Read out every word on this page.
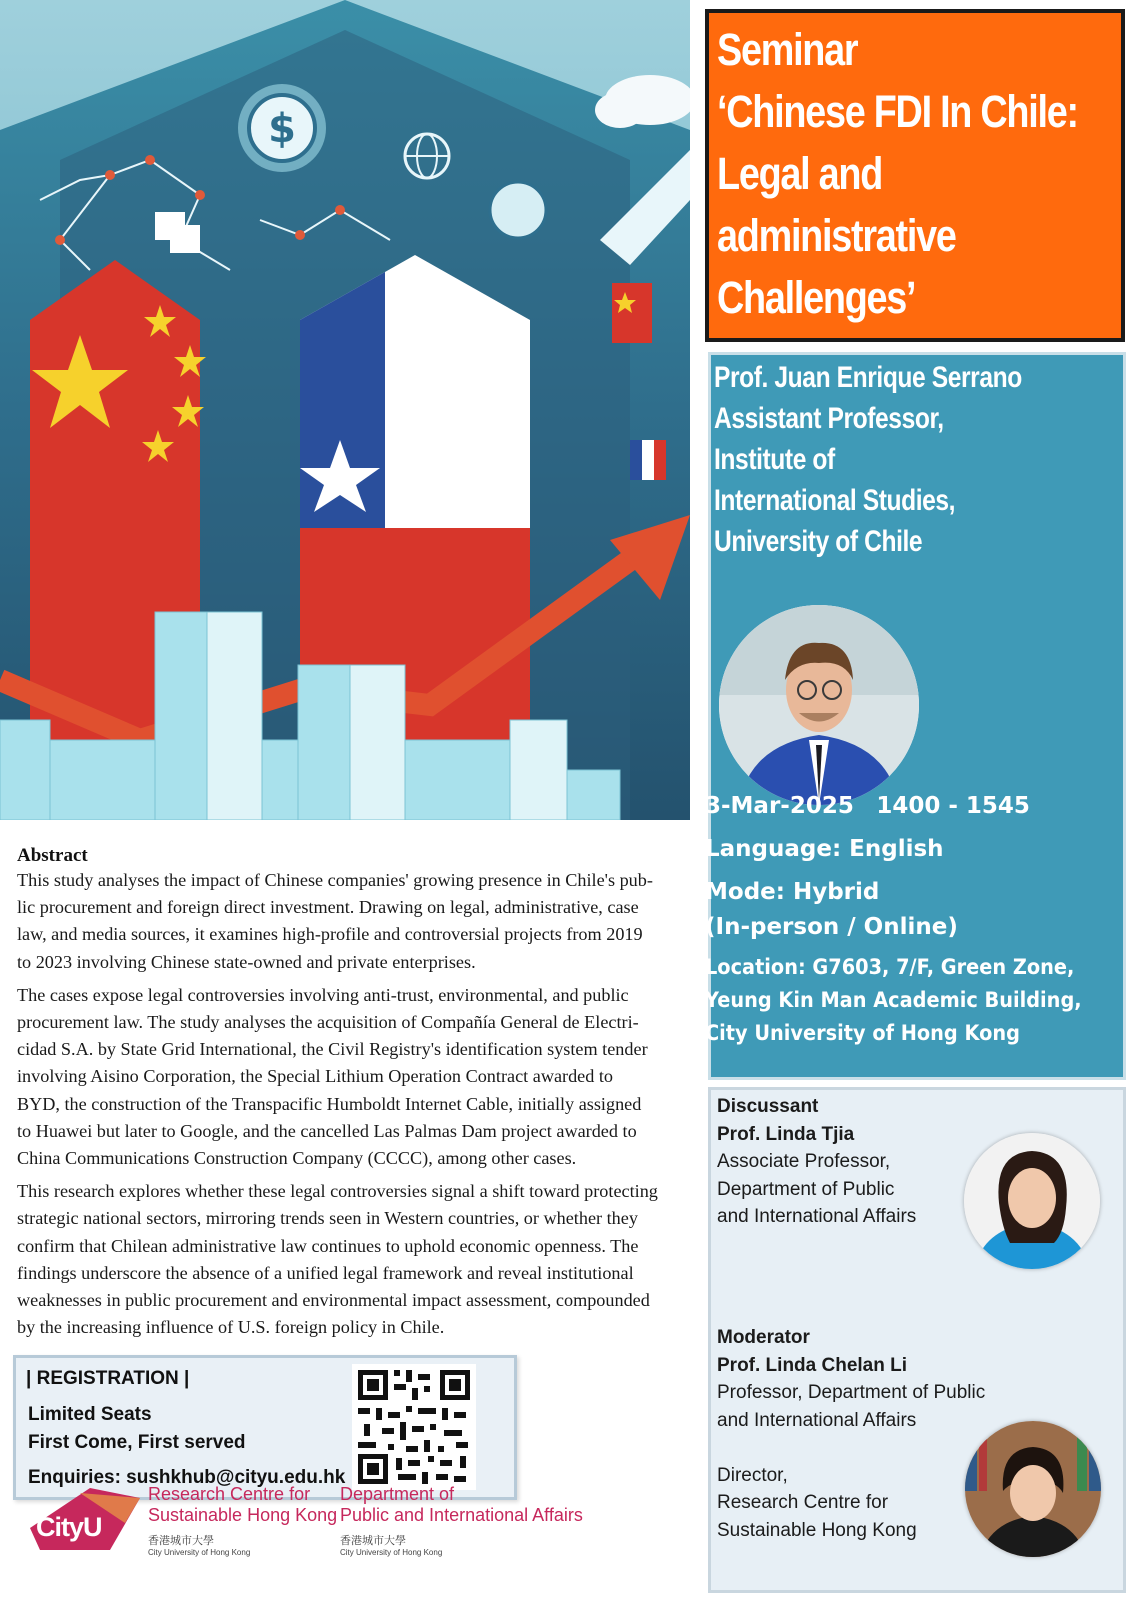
$
Seminar
‘Chinese FDI In Chile:
Legal and
administrative
Challenges’
Prof. Juan Enrique Serrano
Assistant Professor,
Institute of
International Studies,
University of Chile
3-Mar-2025 1400 - 1545
Language: English
Mode: Hybrid
(In-person / Online)
Location: G7603, 7/F, Green Zone,
Yeung Kin Man Academic Building,
City University of Hong Kong
Discussant
Prof. Linda Tjia
Associate Professor,
Department of Public
and International Affairs
Moderator
Prof. Linda Chelan Li
Professor, Department of Public
and International Affairs
Director,
Research Centre for
Sustainable Hong Kong
Abstract

This study analyses the impact of Chinese companies' growing presence in Chile's pub-
lic procurement and foreign direct investment. Drawing on legal, administrative, case
law, and media sources, it examines high-profile and controversial projects from 2019
to 2023 involving Chinese state-owned and private enterprises.

The cases expose legal controversies involving anti-trust, environmental, and public
procurement law. The study analyses the acquisition of Compañía General de Electri-
cidad S.A. by State Grid International, the Civil Registry's identification system tender
involving Aisino Corporation, the Special Lithium Operation Contract awarded to
BYD, the construction of the Transpacific Humboldt Internet Cable, initially assigned
to Huawei but later to Google, and the cancelled Las Palmas Dam project awarded to
China Communications Construction Company (CCCC), among other cases.

This research explores whether these legal controversies signal a shift toward protecting
strategic national sectors, mirroring trends seen in Western countries, or whether they
confirm that Chilean administrative law continues to uphold economic openness. The
findings underscore the absence of a unified legal framework and reveal institutional
weaknesses in public procurement and environmental impact assessment, compounded
by the increasing influence of U.S. foreign policy in Chile.

| REGISTRATION |
Limited Seats
First Come, First served
Enquiries: sushkhub@cityu.edu.hk
CityU
Research Centre for
Sustainable Hong Kong
香港城市大學
City University of Hong Kong
Department of
Public and International Affairs
香港城市大學
City University of Hong Kong
